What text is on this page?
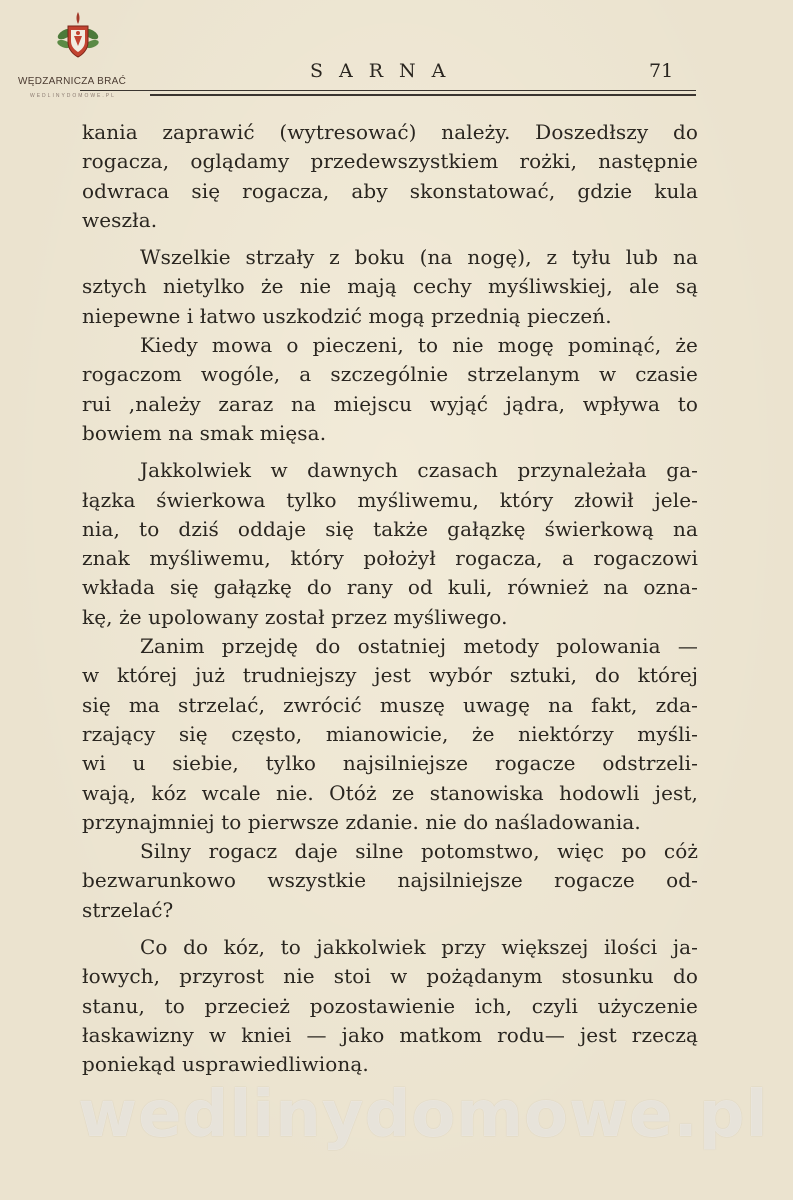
WĘDZARNICZA BRAĆ
WEDLINYDOMOWE.PL
SARNA	71
kania zaprawić (wytresować) należy. Doszedłszy do
rogacza, oglądamy przedewszystkiem rożki, następnie
odwraca się rogacza, aby skonstatować, gdzie kula
weszła.
Wszelkie strzały z boku (na nogę), z tyłu lub na
sztych nietylko że nie mają cechy myśliwskiej, ale są
niepewne i łatwo uszkodzić mogą przednią pieczeń.
Kiedy mowa o pieczeni, to nie mogę pominąć, że
rogaczom wogóle, a szczególnie strzelanym w czasie
rui ,należy zaraz na miejscu wyjąć jądra, wpływa to
bowiem na smak mięsa.
Jakkolwiek w dawnych czasach przynależała ga-
łązka świerkowa tylko myśliwemu, który złowił jele-
nia, to dziś oddaje się także gałązkę świerkową na
znak myśliwemu, który położył rogacza, a rogaczowi
wkłada się gałązkę do rany od kuli, również na ozna-
kę, że upolowany został przez myśliwego.
Zanim przejdę do ostatniej metody polowania —
w której już trudniejszy jest wybór sztuki, do której
się ma strzelać, zwrócić muszę uwagę na fakt, zda-
rzający się często, mianowicie, że niektórzy myśli-
wi u siebie, tylko najsilniejsze rogacze odstrzeli-
wają, kóz wcale nie. Otóż ze stanowiska hodowli jest,
przynajmniej to pierwsze zdanie. nie do naśladowania.
Silny rogacz daje silne potomstwo, więc po cóż
bezwarunkowo wszystkie najsilniejsze rogacze od-
strzelać?
Co do kóz, to jakkolwiek przy większej ilości ja-
łowych, przyrost nie stoi w pożądanym stosunku do
stanu, to przecież pozostawienie ich, czyli użyczenie
łaskawizny w kniei — jako matkom rodu— jest rzeczą
poniekąd usprawiedliwioną.
wedlinydomowe.pl
